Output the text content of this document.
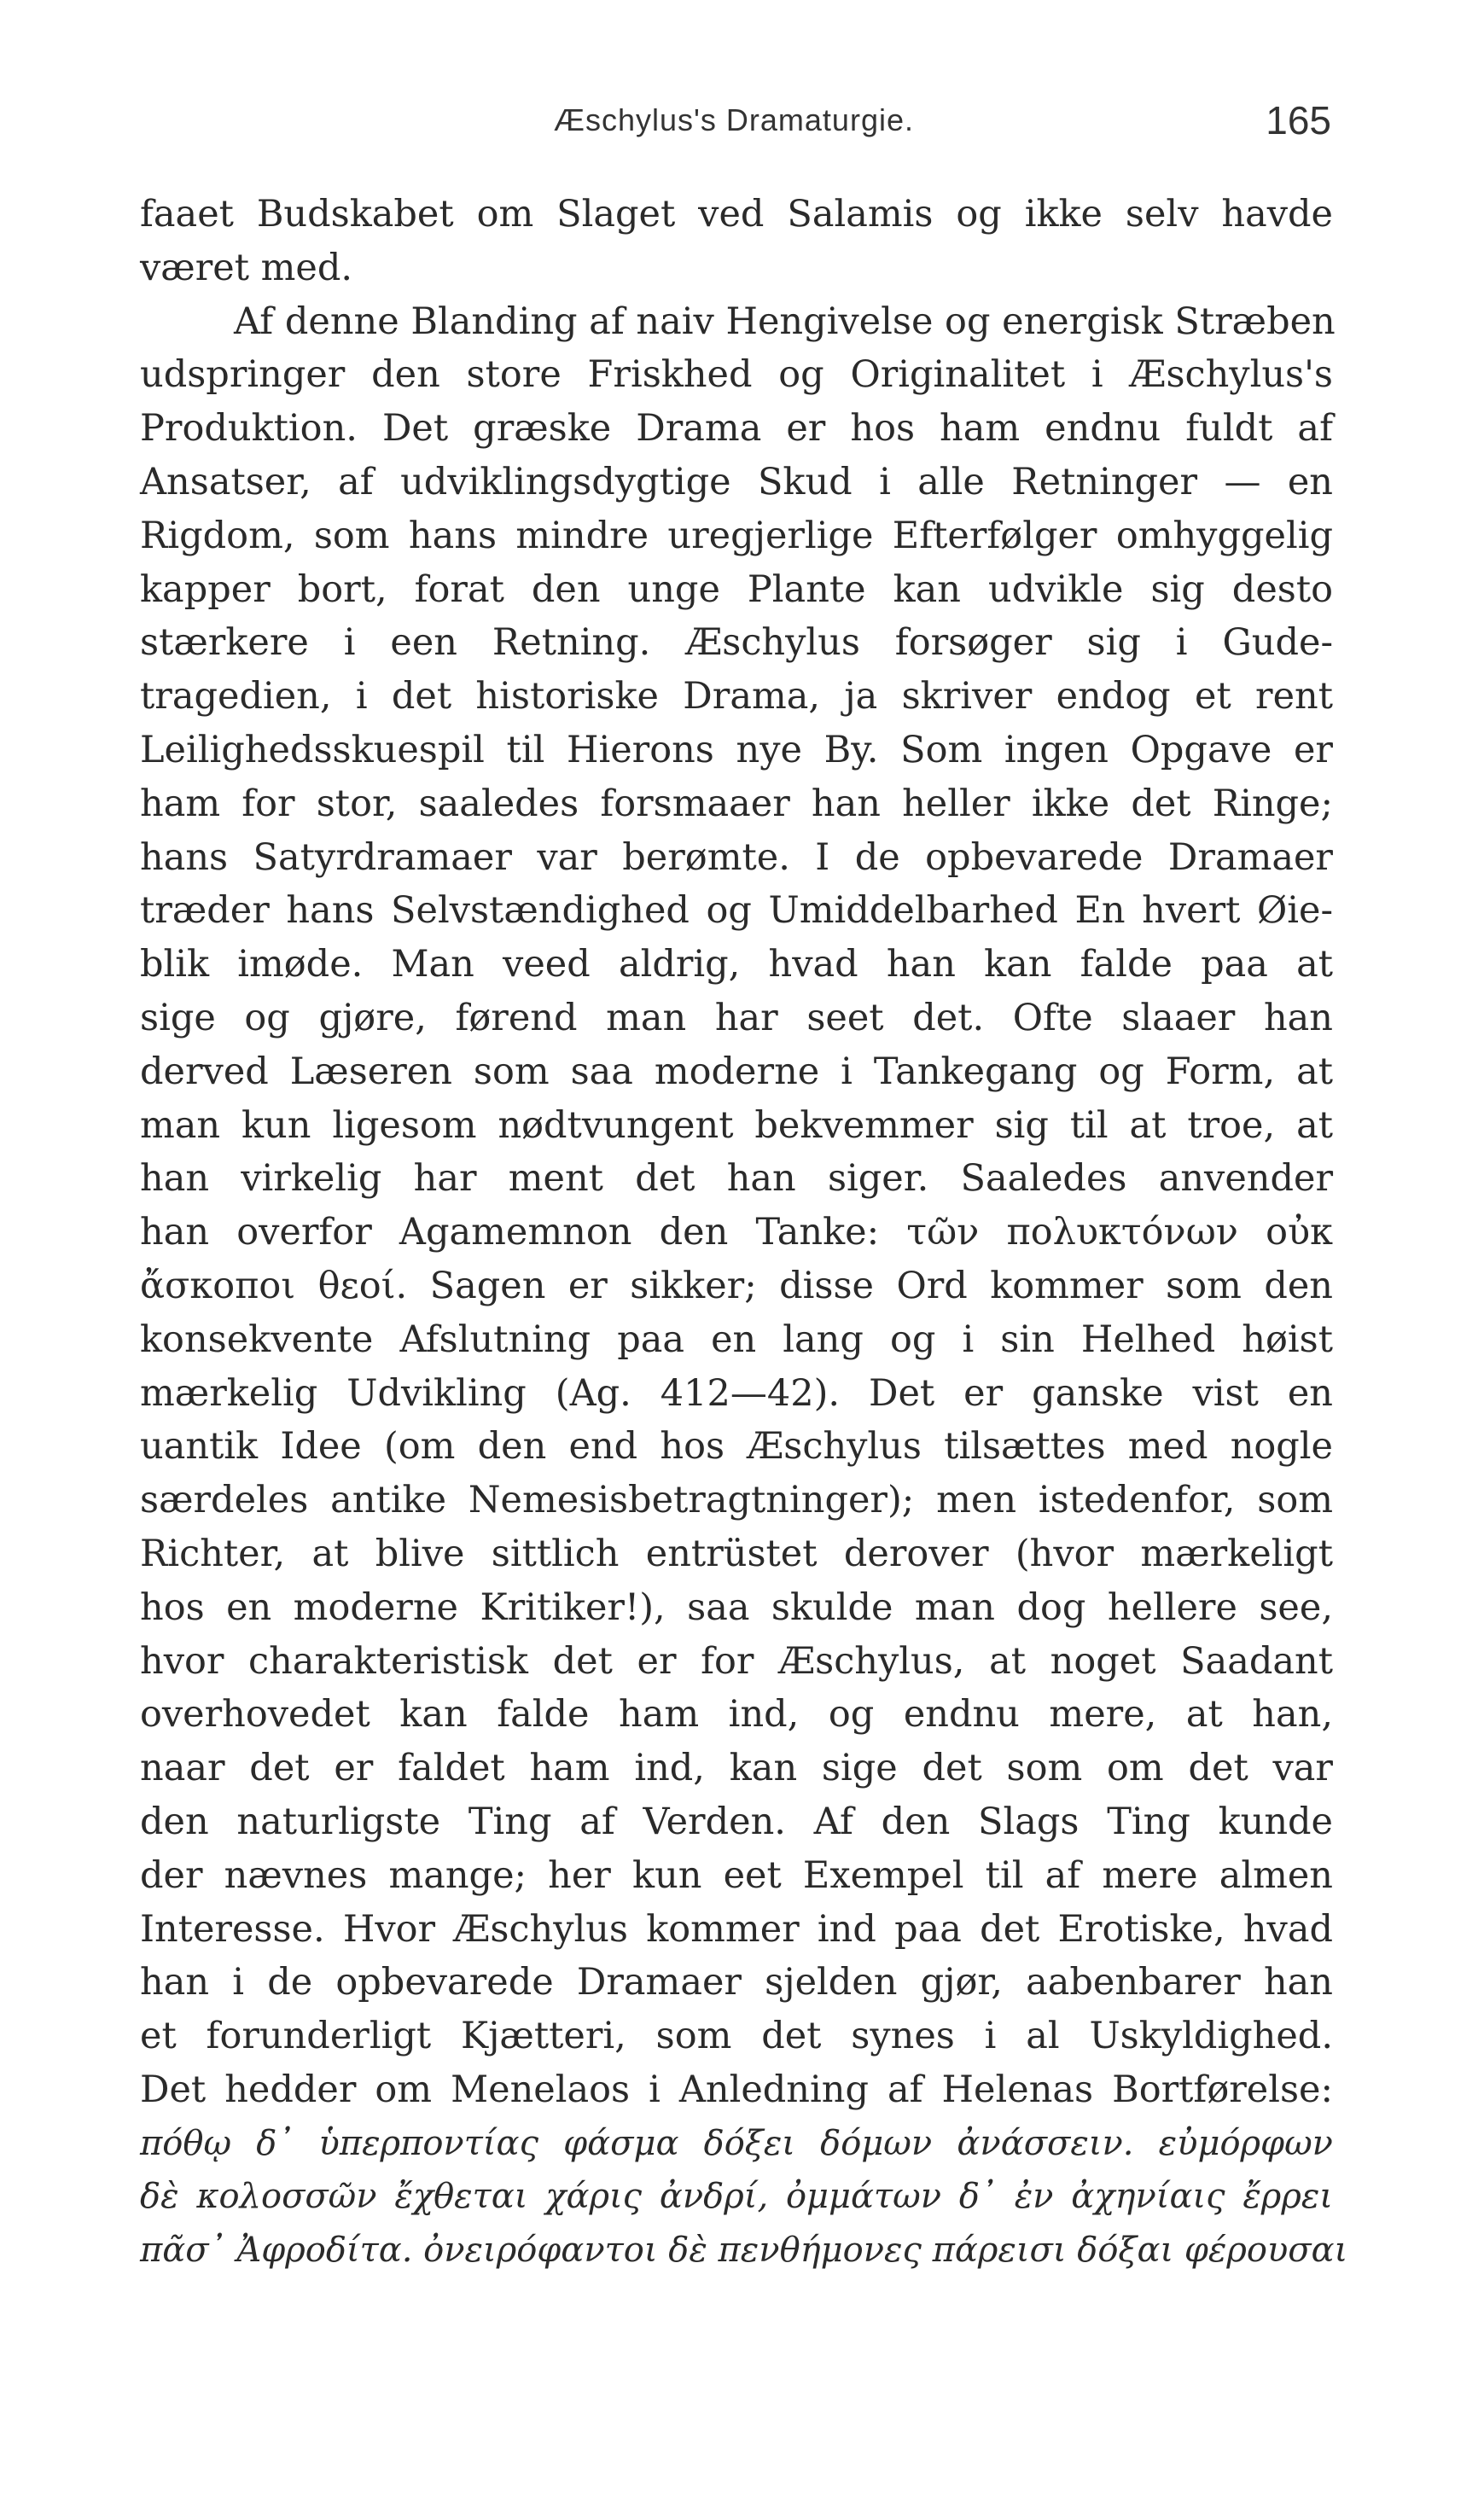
Æschylus's Dramaturgie.	165
faaet Budskabet om Slaget ved Salamis og ikke selv havde
været med.
Af denne Blanding af naiv Hengivelse og energisk Stræben
udspringer den store Friskhed og Originalitet i Æschylus's
Produktion. Det græske Drama er hos ham endnu fuldt af
Ansatser, af udviklingsdygtige Skud i alle Retninger — en
Rigdom, som hans mindre uregjerlige Efterfølger omhyggelig
kapper bort, forat den unge Plante kan udvikle sig desto
stærkere i een Retning. Æschylus forsøger sig i Gude-
tragedien, i det historiske Drama, ja skriver endog et rent
Leilighedsskuespil til Hierons nye By. Som ingen Opgave er
ham for stor, saaledes forsmaaer han heller ikke det Ringe;
hans Satyrdramaer var berømte. I de opbevarede Dramaer
træder hans Selvstændighed og Umiddelbarhed En hvert Øie-
blik imøde. Man veed aldrig, hvad han kan falde paa at
sige og gjøre, førend man har seet det. Ofte slaaer han
derved Læseren som saa moderne i Tankegang og Form, at
man kun ligesom nødtvungent bekvemmer sig til at troe, at
han virkelig har ment det han siger. Saaledes anvender
han overfor Agamemnon den Tanke: τῶν πολυκτόνων οὐκ
ἄσκοποι θεοί. Sagen er sikker; disse Ord kommer som den
konsekvente Afslutning paa en lang og i sin Helhed høist
mærkelig Udvikling (Ag. 412—42). Det er ganske vist en
uantik Idee (om den end hos Æschylus tilsættes med nogle
særdeles antike Nemesisbetragtninger); men istedenfor, som
Richter, at blive sittlich entrüstet derover (hvor mærkeligt
hos en moderne Kritiker!), saa skulde man dog hellere see,
hvor charakteristisk det er for Æschylus, at noget Saadant
overhovedet kan falde ham ind, og endnu mere, at han,
naar det er faldet ham ind, kan sige det som om det var
den naturligste Ting af Verden. Af den Slags Ting kunde
der nævnes mange; her kun eet Exempel til af mere almen
Interesse. Hvor Æschylus kommer ind paa det Erotiske, hvad
han i de opbevarede Dramaer sjelden gjør, aabenbarer han
et forunderligt Kjætteri, som det synes i al Uskyldighed.
Det hedder om Menelaos i Anledning af Helenas Bortførelse:
πόθῳ δ᾽ ὑπερποντίας φάσμα δόξει δόμων ἀνάσσειν. εὐμόρφων
δὲ κολοσσῶν ἔχθεται χάρις ἀνδρί, ὀμμάτων δ᾽ ἐν ἀχηνίαις ἔρρει
πᾶσ᾽ Ἀφροδίτα. ὀνειρόφαντοι δὲ πενθήμονες πάρεισι δόξαι φέρουσαι
